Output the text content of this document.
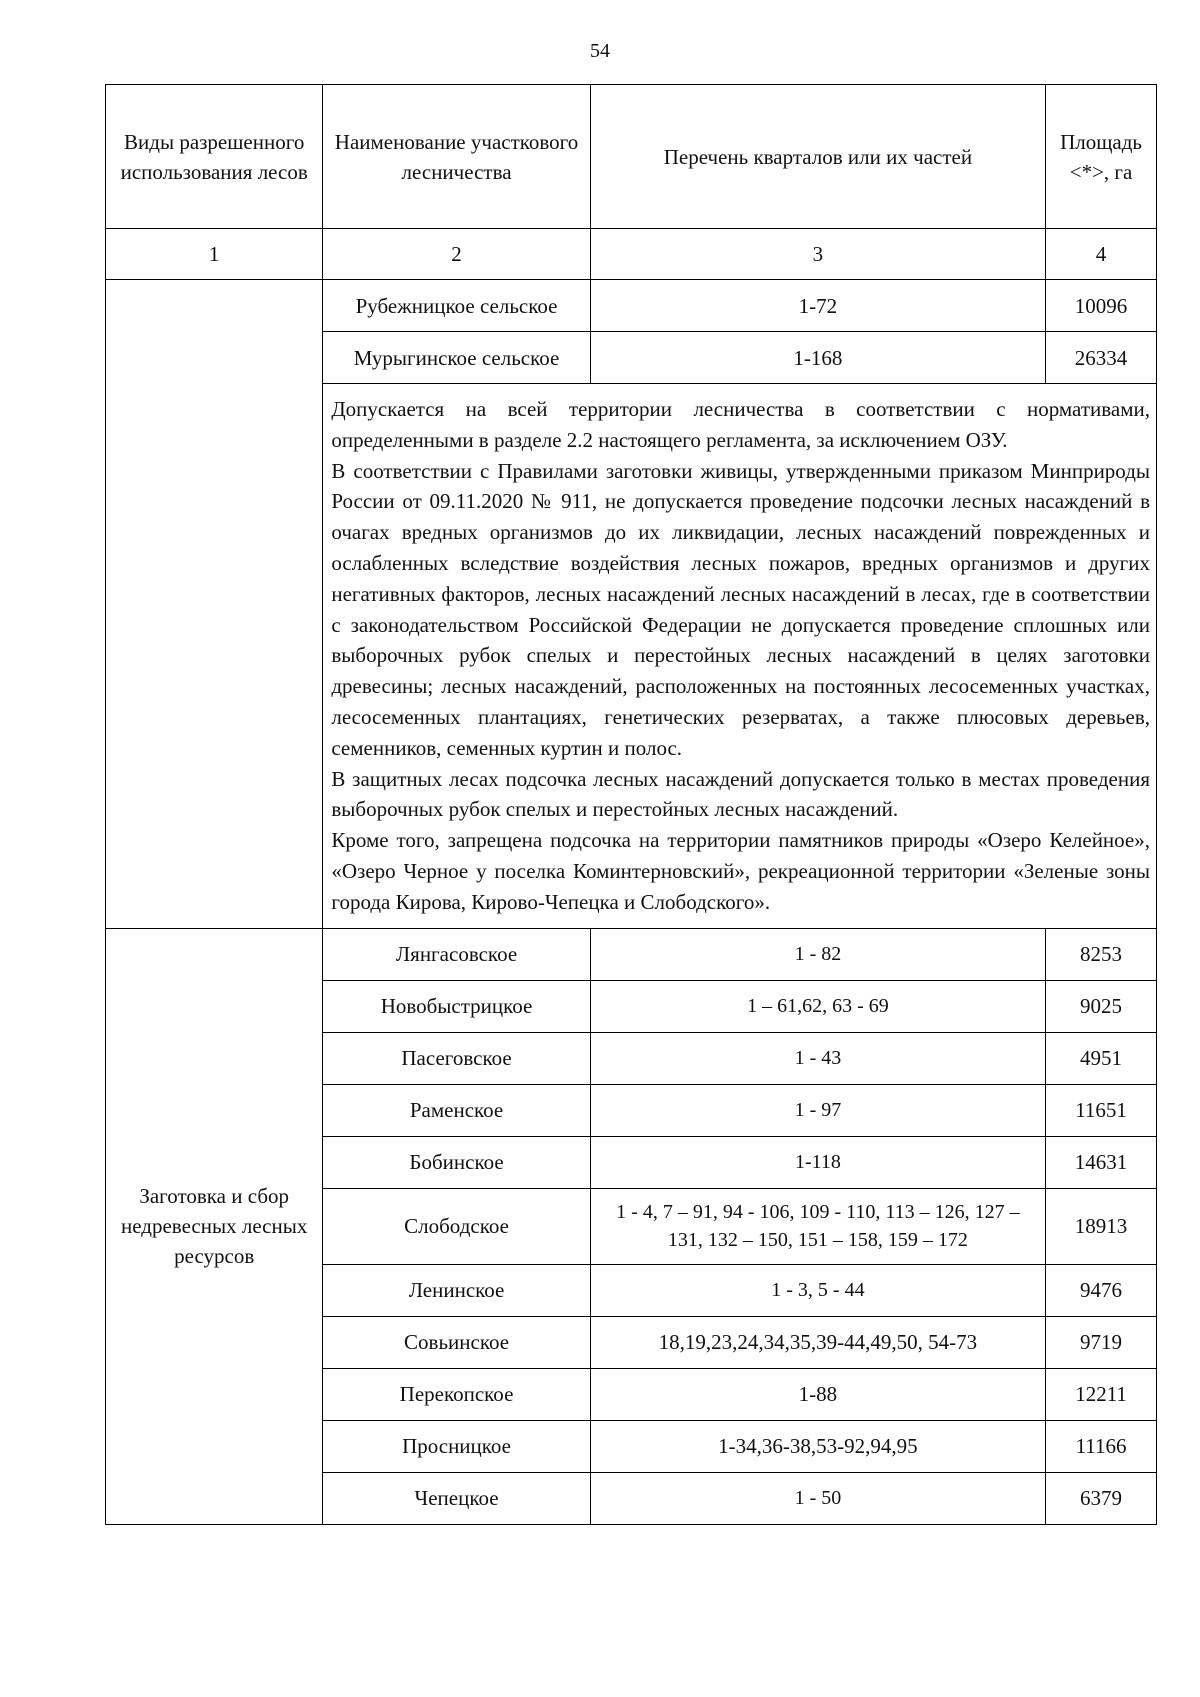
54
Виды разрешенного использования лесов	Наименование участкового лесничества	Перечень кварталов или их частей	Площадь <*>, га
1	2	3	4
	Рубежницкое сельское	1-72	10096
	Мурыгинское сельское	1-168	26334

	Допускается на всей территории лесничества в соответствии с нормативами, определенными в разделе 2.2 настоящего регламента, за исключением ОЗУ.

В соответствии с Правилами заготовки живицы, утвержденными приказом Минприроды России от 09.11.2020 № 911, не допускается проведение подсочки лесных насаждений в очагах вредных организмов до их ликвидации, лесных насаждений поврежденных и ослабленных вследствие воздействия лесных пожаров, вредных организмов и других негативных факторов, лесных насаждений лесных насаждений в лесах, где в соответствии с законодательством Российской Федерации не допускается проведение сплошных или выборочных рубок спелых и перестойных лесных насаждений в целях заготовки древесины; лесных насаждений, расположенных на постоянных лесосеменных участках, лесосеменных плантациях, генетических резерватах, а также плюсовых деревьев, семенников, семенных куртин и полос.

В защитных лесах подсочка лесных насаждений допускается только в местах проведения выборочных рубок спелых и перестойных лесных насаждений.

Кроме того, запрещена подсочка на территории памятников природы «Озеро Келейное», «Озеро Черное у поселка Коминтерновский», рекреационной территории «Зеленые зоны города Кирова, Кирово-Чепецка и Слободского».		

Заготовка и сбор недревесных лесных ресурсов	Лянгасовское	1 - 82	8253
	Новобыстрицкое	1 – 61,62, 63 - 69	9025
	Пасеговское	1 - 43	4951
	Раменское	1 - 97	11651
	Бобинское	1-118	14631
	Слободское	1 - 4, 7 – 91, 94 - 106, 109 - 110, 113 – 126, 127 – 131, 132 – 150, 151 – 158, 159 – 172	18913
	Ленинское	1 - 3, 5 - 44	9476
	Совьинское	18,19,23,24,34,35,39-44,49,50, 54-73	9719
	Перекопское	1-88	12211
	Просницкое	1-34,36-38,53-92,94,95	11166
	Чепецкое	1 - 50	6379
